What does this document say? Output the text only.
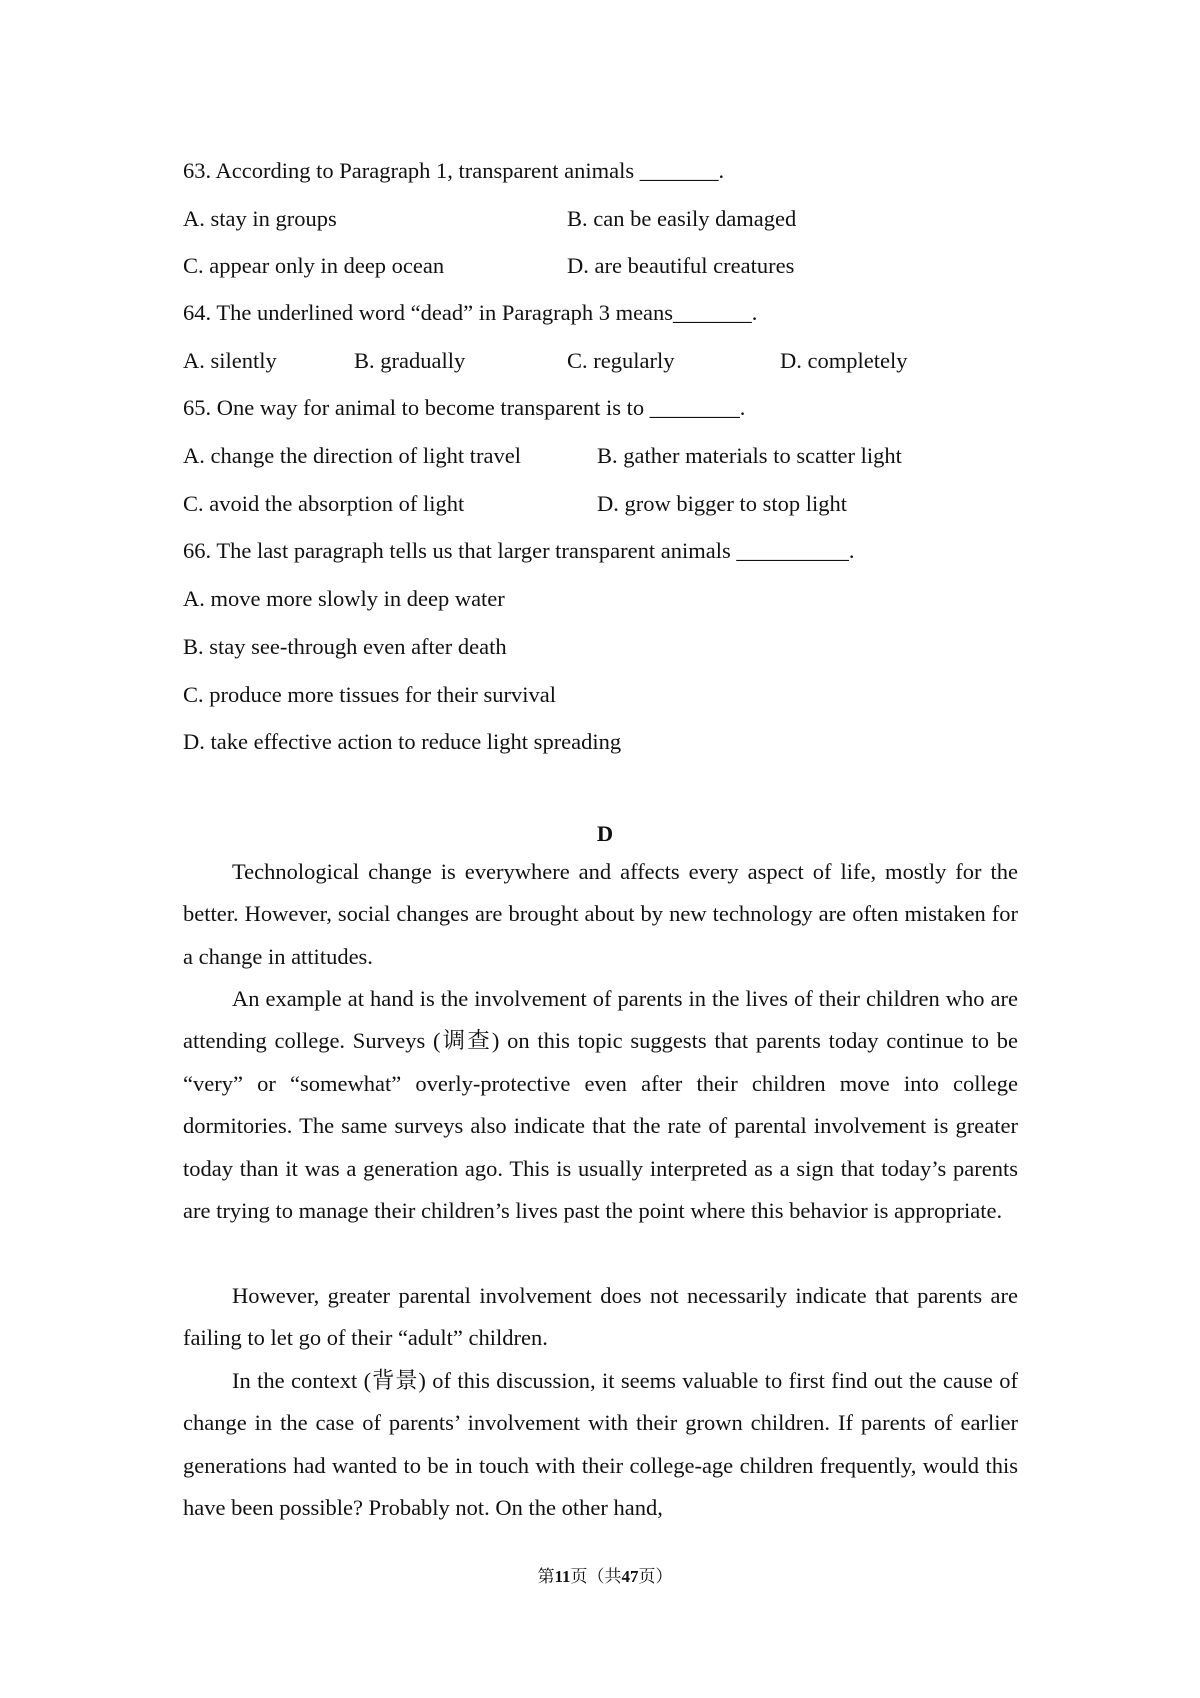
63. According to Paragraph 1, transparent animals _______.
A. stay in groups	B. can be easily damaged
C. appear only in deep ocean	D. are beautiful creatures
64. The underlined word “dead” in Paragraph 3 means_______.
A. silently	B. gradually	C. regularly	D. completely
65. One way for animal to become transparent is to ________.
A. change the direction of light travel	B. gather materials to scatter light
C. avoid the absorption of light	D. grow bigger to stop light
66. The last paragraph tells us that larger transparent animals __________.
A. move more slowly in deep water
B. stay see-through even after death
C. produce more tissues for their survival
D. take effective action to reduce light spreading
D

Technological change is everywhere and affects every aspect of life, mostly for the better. However, social changes are brought about by new technology are often mistaken for a change in attitudes.

An example at hand is the involvement of parents in the lives of their children who are attending college. Surveys (调查) on this topic suggests that parents today continue to be “very” or “somewhat” overly-protective even after their children move into college dormitories. The same surveys also indicate that the rate of parental involvement is greater today than it was a generation ago. This is usually interpreted as a sign that today’s parents are trying to manage their children’s lives past the point where this behavior is appropriate.

However, greater parental involvement does not necessarily indicate that parents are failing to let go of their “adult” children.

In the context (背景) of this discussion, it seems valuable to first find out the cause of change in the case of parents’ involvement with their grown children. If parents of earlier generations had wanted to be in touch with their college-age children frequently, would this have been possible? Probably not. On the other hand,

第11页（共47页）
